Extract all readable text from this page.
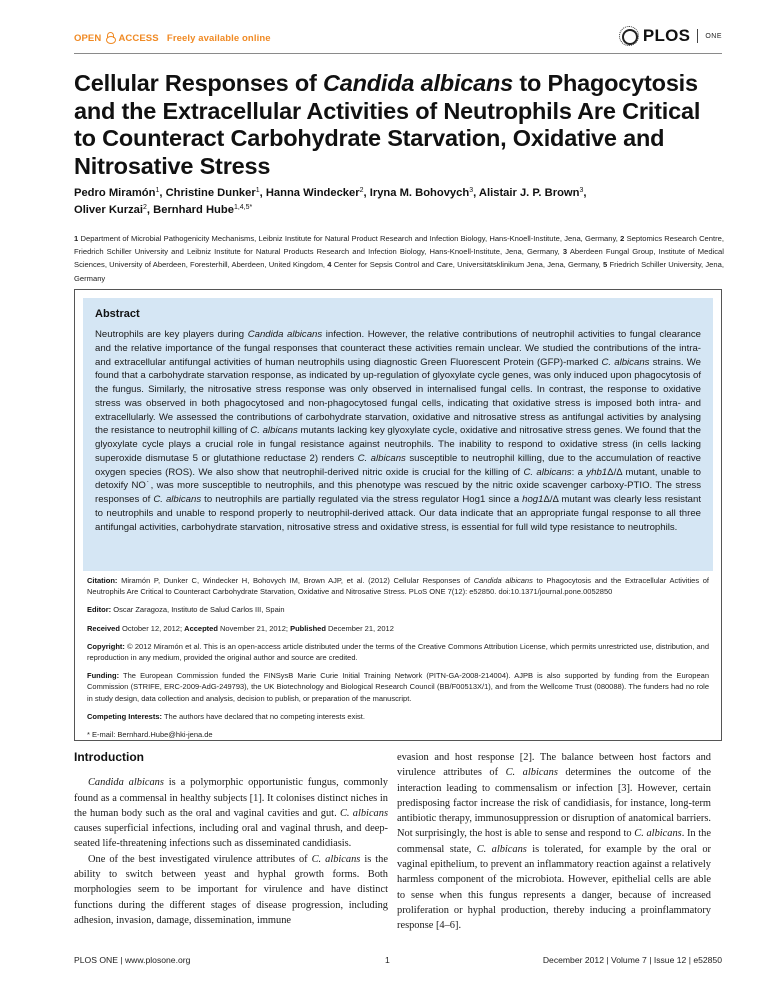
OPEN ACCESS Freely available online	PLOS ONE
Cellular Responses of Candida albicans to Phagocytosis and the Extracellular Activities of Neutrophils Are Critical to Counteract Carbohydrate Starvation, Oxidative and Nitrosative Stress
Pedro Miramón$^1$, Christine Dunker$^1$, Hanna Windecker$^2$, Iryna M. Bohovych$^3$, Alistair J. P. Brown$^3$,
Oliver Kurzai$^2$, Bernhard Hube$^{1,4,5*}$
1 Department of Microbial Pathogenicity Mechanisms, Leibniz Institute for Natural Product Research and Infection Biology, Hans-Knoell-Institute, Jena, Germany, 2 Septomics Research Centre, Friedrich Schiller University and Leibniz Institute for Natural Products Research and Infection Biology, Hans-Knoell-Institute, Jena, Germany, 3 Aberdeen Fungal Group, Institute of Medical Sciences, University of Aberdeen, Foresterhill, Aberdeen, United Kingdom, 4 Center for Sepsis Control and Care, Universitätsklinikum Jena, Jena, Germany, 5 Friedrich Schiller University, Jena, Germany
Abstract
Neutrophils are key players during Candida albicans infection. However, the relative contributions of neutrophil activities to fungal clearance and the relative importance of the fungal responses that counteract these activities remain unclear. We studied the contributions of the intra- and extracellular antifungal activities of human neutrophils using diagnostic Green Fluorescent Protein (GFP)-marked C. albicans strains. We found that a carbohydrate starvation response, as indicated by up-regulation of glyoxylate cycle genes, was only induced upon phagocytosis of the fungus. Similarly, the nitrosative stress response was only observed in internalised fungal cells. In contrast, the response to oxidative stress was observed in both phagocytosed and non-phagocytosed fungal cells, indicating that oxidative stress is imposed both intra- and extracellularly. We assessed the contributions of carbohydrate starvation, oxidative and nitrosative stress as antifungal activities by analysing the resistance to neutrophil killing of C. albicans mutants lacking key glyoxylate cycle, oxidative and nitrosative stress genes. We found that the glyoxylate cycle plays a crucial role in fungal resistance against neutrophils. The inability to respond to oxidative stress (in cells lacking superoxide dismutase 5 or glutathione reductase 2) renders C. albicans susceptible to neutrophil killing, due to the accumulation of reactive oxygen species (ROS). We also show that neutrophil-derived nitric oxide is crucial for the killing of C. albicans: a yhb1Δ/Δ mutant, unable to detoxify NO˙, was more susceptible to neutrophils, and this phenotype was rescued by the nitric oxide scavenger carboxy-PTIO. The stress responses of C. albicans to neutrophils are partially regulated via the stress regulator Hog1 since a hog1Δ/Δ mutant was clearly less resistant to neutrophils and unable to respond properly to neutrophil-derived attack. Our data indicate that an appropriate fungal response to all three antifungal activities, carbohydrate starvation, nitrosative stress and oxidative stress, is essential for full wild type resistance to neutrophils.

Citation: Miramón P, Dunker C, Windecker H, Bohovych IM, Brown AJP, et al. (2012) Cellular Responses of Candida albicans to Phagocytosis and the Extracellular Activities of Neutrophils Are Critical to Counteract Carbohydrate Starvation, Oxidative and Nitrosative Stress. PLoS ONE 7(12): e52850. doi:10.1371/journal.pone.0052850

Editor: Oscar Zaragoza, Instituto de Salud Carlos III, Spain

Received October 12, 2012; Accepted November 21, 2012; Published December 21, 2012

Copyright: © 2012 Miramón et al. This is an open-access article distributed under the terms of the Creative Commons Attribution License, which permits unrestricted use, distribution, and reproduction in any medium, provided the original author and source are credited.

Funding: The European Commission funded the FINSysB Marie Curie Initial Training Network (PITN-GA-2008-214004). AJPB is also supported by funding from the European Commission (STRIFE, ERC-2009-AdG-249793), the UK Biotechnology and Biological Research Council (BB/F00513X/1), and from the Wellcome Trust (080088). The funders had no role in study design, data collection and analysis, decision to publish, or preparation of the manuscript.

Competing Interests: The authors have declared that no competing interests exist.

* E-mail: Bernhard.Hube@hki-jena.de

Introduction

Candida albicans is a polymorphic opportunistic fungus, commonly found as a commensal in healthy subjects [1]. It colonises distinct niches in the human body such as the oral and vaginal cavities and gut. C. albicans causes superficial infections, including oral and vaginal thrush, and deep-seated life-threatening infections such as disseminated candidiasis.

One of the best investigated virulence attributes of C. albicans is the ability to switch between yeast and hyphal growth forms. Both morphologies seem to be important for virulence and have distinct functions during the different stages of disease progression, including adhesion, invasion, damage, dissemination, immune

evasion and host response [2]. The balance between host factors and virulence attributes of C. albicans determines the outcome of the interaction leading to commensalism or infection [3]. However, certain predisposing factor increase the risk of candidiasis, for instance, long-term antibiotic therapy, immunosuppression or disruption of anatomical barriers. Not surprisingly, the host is able to sense and respond to C. albicans. In the commensal state, C. albicans is tolerated, for example by the oral or vaginal epithelium, to prevent an inflammatory reaction against a relatively harmless component of the microbiota. However, epithelial cells are able to sense when this fungus represents a danger, because of increased proliferation or hyphal production, thereby inducing a proinflammatory response [4–6].

PLOS ONE | www.plosone.org	1	December 2012 | Volume 7 | Issue 12 | e52850
